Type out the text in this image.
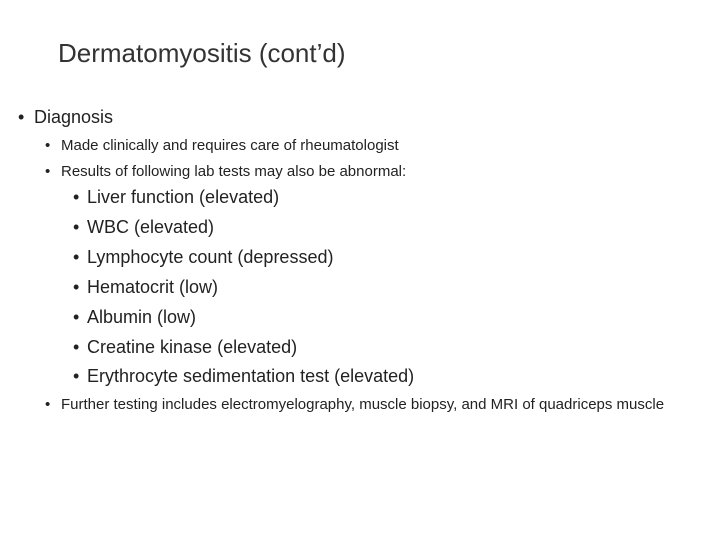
Dermatomyositis (cont’d)
• Diagnosis
• Made clinically and requires care of rheumatologist
• Results of following lab tests may also be abnormal:
• Liver function (elevated)
• WBC (elevated)
• Lymphocyte count (depressed)
• Hematocrit (low)
• Albumin (low)
• Creatine kinase (elevated)
• Erythrocyte sedimentation test (elevated)
• Further testing includes electromyelography, muscle biopsy, and MRI of quadriceps muscle
